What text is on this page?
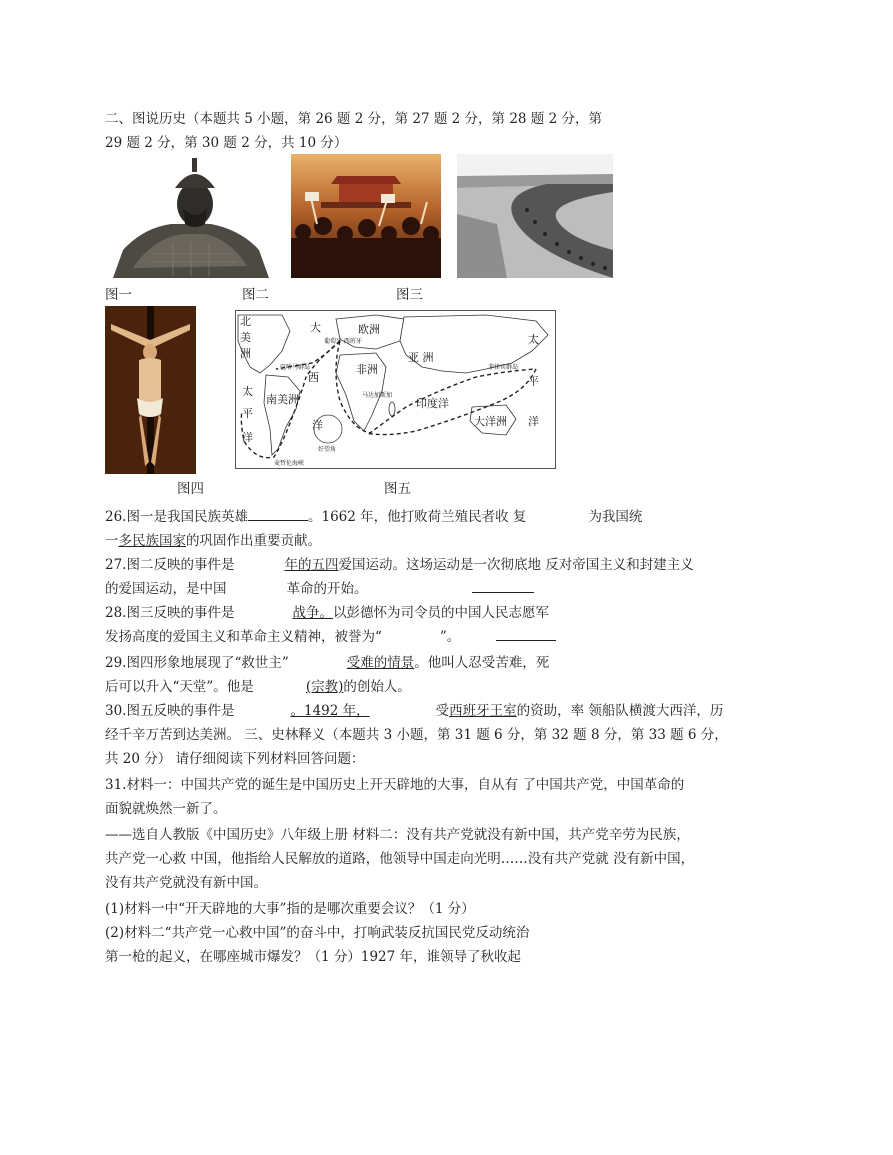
二、图说历史（本题共 5 小题，第 26 题 2 分，第 27 题 2 分，第 28 题 2 分，第
29 题 2 分，第 30 题 2 分，共 10 分）
图一	图二	图三
北
美
洲
太
平
洋
大
西
洋
欧洲
亚 洲
非洲
南美洲	印度洋
大洋洲
太
平
洋
好望角
麦哲伦海峡
菲律宾群岛
巴哈马群岛
葡萄牙 西班牙
马达加斯加
图四	图五
26.图一是我国民族英雄	。1662 年，他打败荷兰殖民者收 复	为我国统
一多民族国家的巩固作出重要贡献。
27.图二反映的事件是	年的五四爱国运动。这场运动是一次彻底地 反对帝国主义和封建主义
的爱国运动，是中国	革命的开始。
28.图三反映的事件是	战争。以彭德怀为司令员的中国人民志愿军
发扬高度的爱国主义和革命主义精神，被誉为“	”。
29.图四形象地展现了“救世主”	受难的情景。他叫人忍受苦难，死
后可以升入“天堂”。他是	(宗教)的创始人。
30.图五反映的事件是	。1492 年，	受西班牙王室的资助，率 领船队横渡大西洋，历
经千辛万苦到达美洲。 三、史林释义（本题共 3 小题，第 31 题 6 分，第 32 题 8 分，第 33 题 6 分，
共 20 分） 请仔细阅读下列材料回答问题：
31.材料一：中国共产党的诞生是中国历史上开天辟地的大事，自从有 了中国共产党，中国革命的
面貌就焕然一新了。
——选自人教版《中国历史》八年级上册 材料二：没有共产党就没有新中国，共产党辛劳为民族，
共产党一心救 中国，他指给人民解放的道路，他领导中国走向光明……没有共产党就 没有新中国，
没有共产党就没有新中国。
(1)材料一中“开天辟地的大事”指的是哪次重要会议？（1 分）
(2)材料二“共产党一心救中国”的奋斗中，打响武装反抗国民党反动统治
第一枪的起义，在哪座城市爆发？（1 分）1927 年，谁领导了秋收起
